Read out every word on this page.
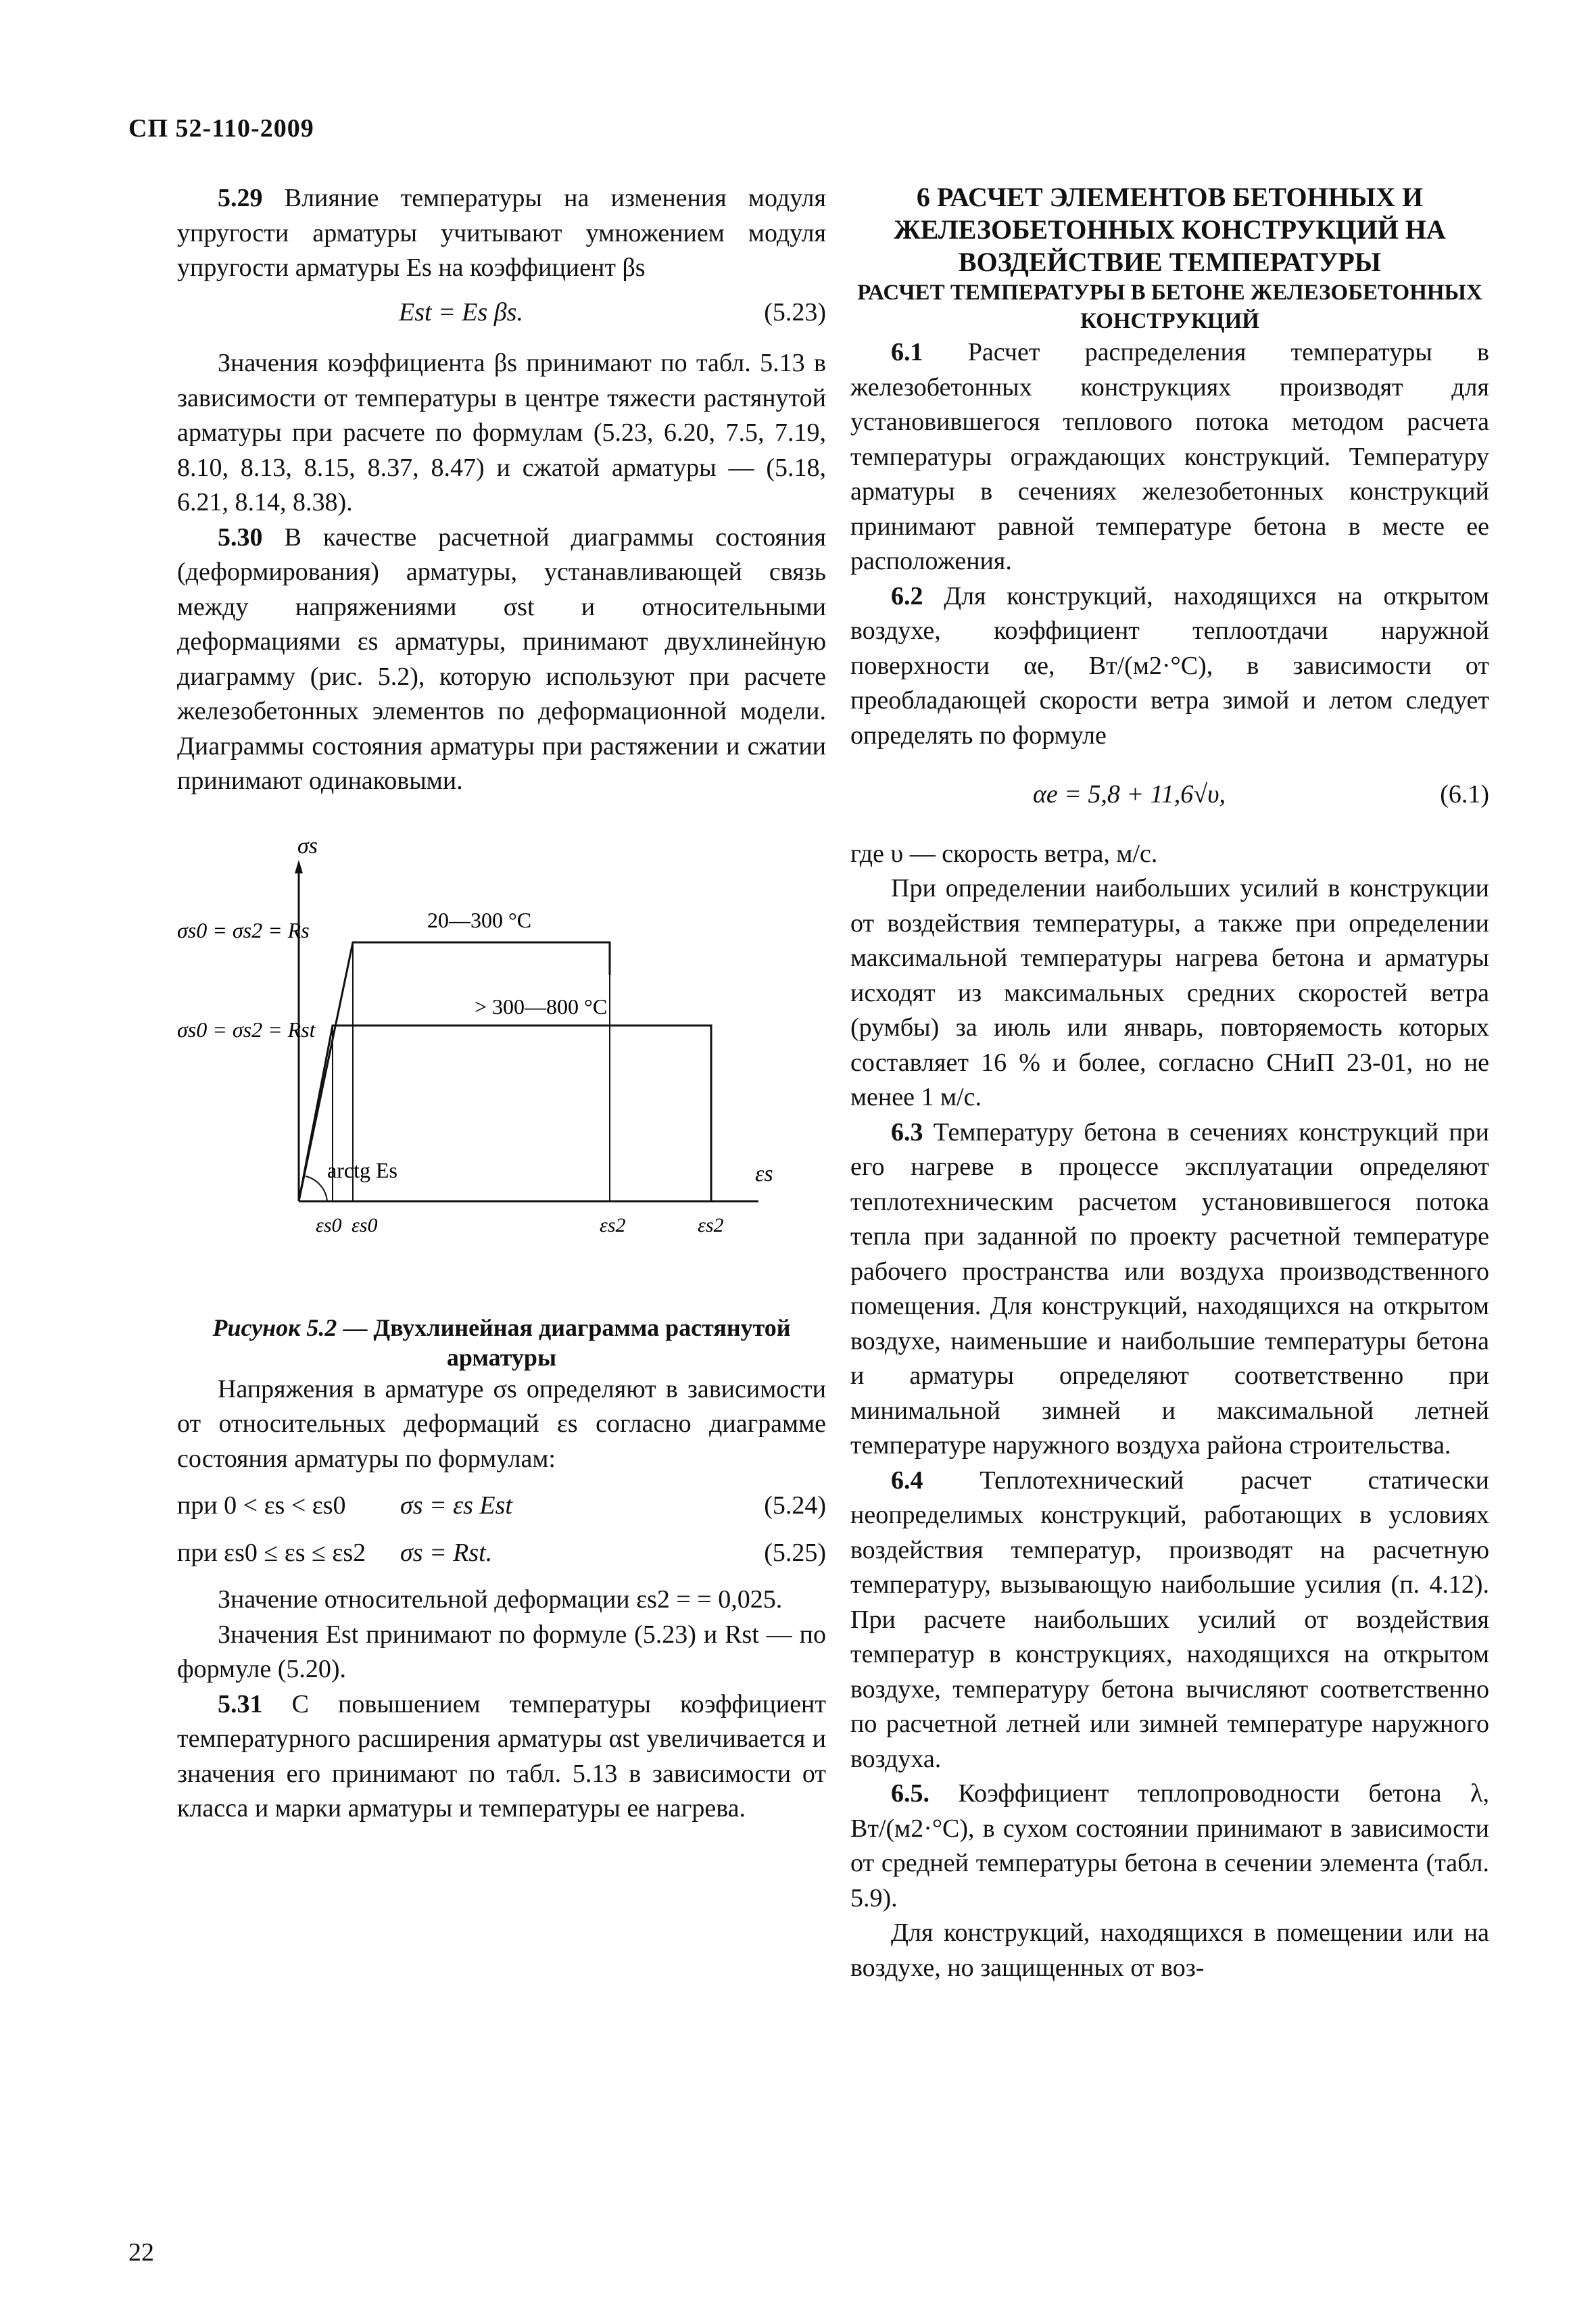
СП 52-110-2009

5.29 Влияние температуры на изменения модуля упругости арматуры учитывают умножением модуля упругости арматуры Es на коэффициент βs

Est = Es βs.	(5.23)

Значения коэффициента βs принимают по табл. 5.13 в зависимости от температуры в центре тяжести растянутой арматуры при расчете по формулам (5.23, 6.20, 7.5, 7.19, 8.10, 8.13, 8.15, 8.37, 8.47) и сжатой арматуры — (5.18, 6.21, 8.14, 8.38).

5.30 В качестве расчетной диаграммы состояния (деформирования) арматуры, устанавливающей связь между напряжениями σst и относительными деформациями εs арматуры, принимают двухлинейную диаграмму (рис. 5.2), которую используют при расчете железобетонных элементов по деформационной модели. Диаграммы состояния арматуры при растяжении и сжатии принимают одинаковыми.

σs
εs
σs0 = σs2 = Rs
σs0 = σs2 = Rst
20—300 °С
> 300—800 °С
arctg Es
εs0 εs0	εs2	εs2

Рисунок 5.2 — Двухлинейная диаграмма растянутой арматуры

Напряжения в арматуре σs определяют в зависимости от относительных деформаций εs согласно диаграмме состояния арматуры по формулам:

при 0 < εs < εs0	σs = εs Est	(5.24)
при εs0 ≤ εs ≤ εs2	σs = Rst.	(5.25)

Значение относительной деформации εs2 = = 0,025.

Значения Est принимают по формуле (5.23) и Rst — по формуле (5.20).

5.31 С повышением температуры коэффициент температурного расширения арматуры αst увеличивается и значения его принимают по табл. 5.13 в зависимости от класса и марки арматуры и температуры ее нагрева.

6 РАСЧЕТ ЭЛЕМЕНТОВ БЕТОННЫХ И ЖЕЛЕЗОБЕТОННЫХ КОНСТРУКЦИЙ НА ВОЗДЕЙСТВИЕ ТЕМПЕРАТУРЫ

РАСЧЕТ ТЕМПЕРАТУРЫ В БЕТОНЕ ЖЕЛЕЗОБЕТОННЫХ КОНСТРУКЦИЙ

6.1 Расчет распределения температуры в железобетонных конструкциях производят для установившегося теплового потока методом расчета температуры ограждающих конструкций. Температуру арматуры в сечениях железобетонных конструкций принимают равной температуре бетона в месте ее расположения.

6.2 Для конструкций, находящихся на открытом воздухе, коэффициент теплоотдачи наружной поверхности αe, Вт/(м2·°С), в зависимости от преобладающей скорости ветра зимой и летом следует определять по формуле

αe = 5,8 + 11,6√υ,	(6.1)

где υ — скорость ветра, м/с.

При определении наибольших усилий в конструкции от воздействия температуры, а также при определении максимальной температуры нагрева бетона и арматуры исходят из максимальных средних скоростей ветра (румбы) за июль или январь, повторяемость которых составляет 16 % и более, согласно СНиП 23-01, но не менее 1 м/с.

6.3 Температуру бетона в сечениях конструкций при его нагреве в процессе эксплуатации определяют теплотехническим расчетом установившегося потока тепла при заданной по проекту расчетной температуре рабочего пространства или воздуха производственного помещения. Для конструкций, находящихся на открытом воздухе, наименьшие и наибольшие температуры бетона и арматуры определяют соответственно при минимальной зимней и максимальной летней температуре наружного воздуха района строительства.

6.4 Теплотехнический расчет статически неопределимых конструкций, работающих в условиях воздействия температур, производят на расчетную температуру, вызывающую наибольшие усилия (п. 4.12). При расчете наибольших усилий от воздействия температур в конструкциях, находящихся на открытом воздухе, температуру бетона вычисляют соответственно по расчетной летней или зимней температуре наружного воздуха.

6.5. Коэффициент теплопроводности бетона λ, Вт/(м2·°С), в сухом состоянии принимают в зависимости от средней температуры бетона в сечении элемента (табл. 5.9).

Для конструкций, находящихся в помещении или на воздухе, но защищенных от воз-

22
